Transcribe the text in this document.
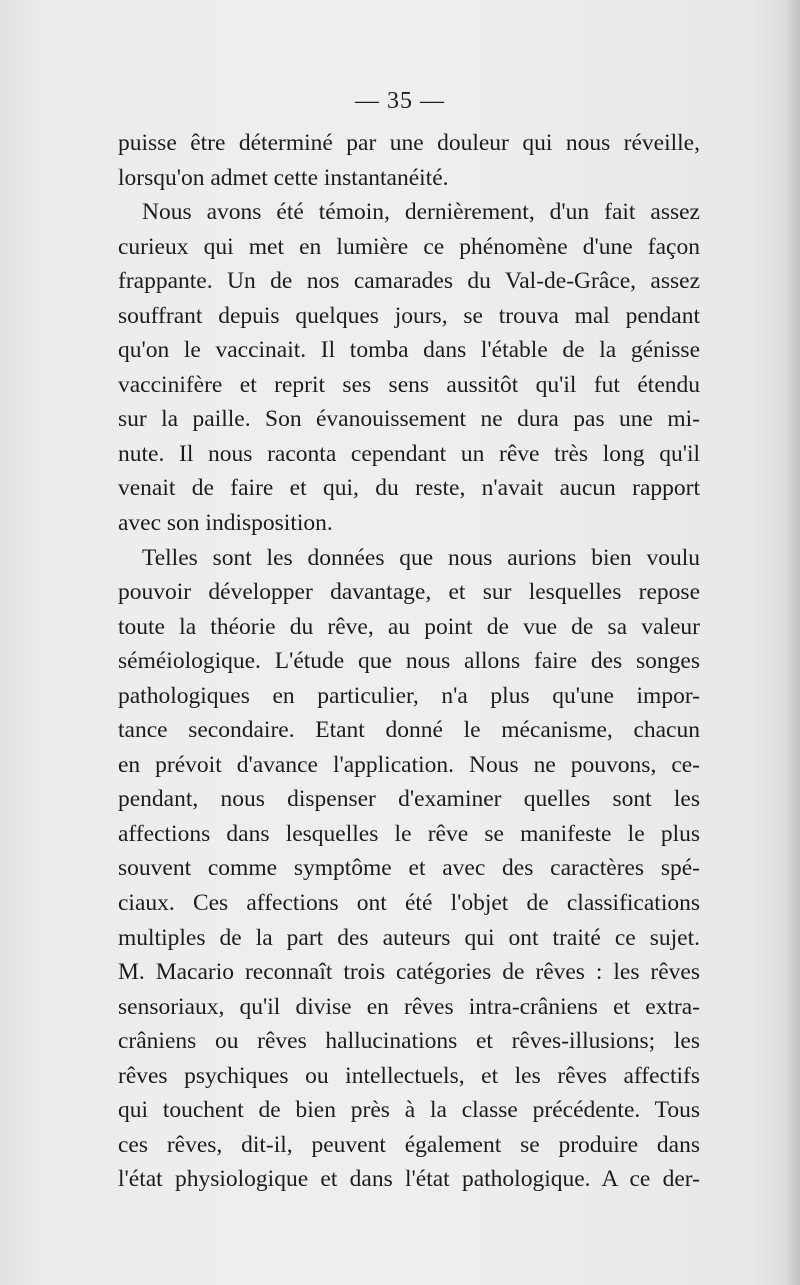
— 35 —
puisse être déterminé par une douleur qui nous réveille,
lorsqu'on admet cette instantanéité.
Nous avons été témoin, dernièrement, d'un fait assez
curieux qui met en lumière ce phénomène d'une façon
frappante. Un de nos camarades du Val-de-Grâce, assez
souffrant depuis quelques jours, se trouva mal pendant
qu'on le vaccinait. Il tomba dans l'étable de la génisse
vaccinifère et reprit ses sens aussitôt qu'il fut étendu
sur la paille. Son évanouissement ne dura pas une mi-
nute. Il nous raconta cependant un rêve très long qu'il
venait de faire et qui, du reste, n'avait aucun rapport
avec son indisposition.
Telles sont les données que nous aurions bien voulu
pouvoir développer davantage, et sur lesquelles repose
toute la théorie du rêve, au point de vue de sa valeur
séméiologique. L'étude que nous allons faire des songes
pathologiques en particulier, n'a plus qu'une impor-
tance secondaire. Etant donné le mécanisme, chacun
en prévoit d'avance l'application. Nous ne pouvons, ce-
pendant, nous dispenser d'examiner quelles sont les
affections dans lesquelles le rêve se manifeste le plus
souvent comme symptôme et avec des caractères spé-
ciaux. Ces affections ont été l'objet de classifications
multiples de la part des auteurs qui ont traité ce sujet.
M. Macario reconnaît trois catégories de rêves : les rêves
sensoriaux, qu'il divise en rêves intra-crâniens et extra-
crâniens ou rêves hallucinations et rêves-illusions; les
rêves psychiques ou intellectuels, et les rêves affectifs
qui touchent de bien près à la classe précédente. Tous
ces rêves, dit-il, peuvent également se produire dans
l'état physiologique et dans l'état pathologique. A ce der-
